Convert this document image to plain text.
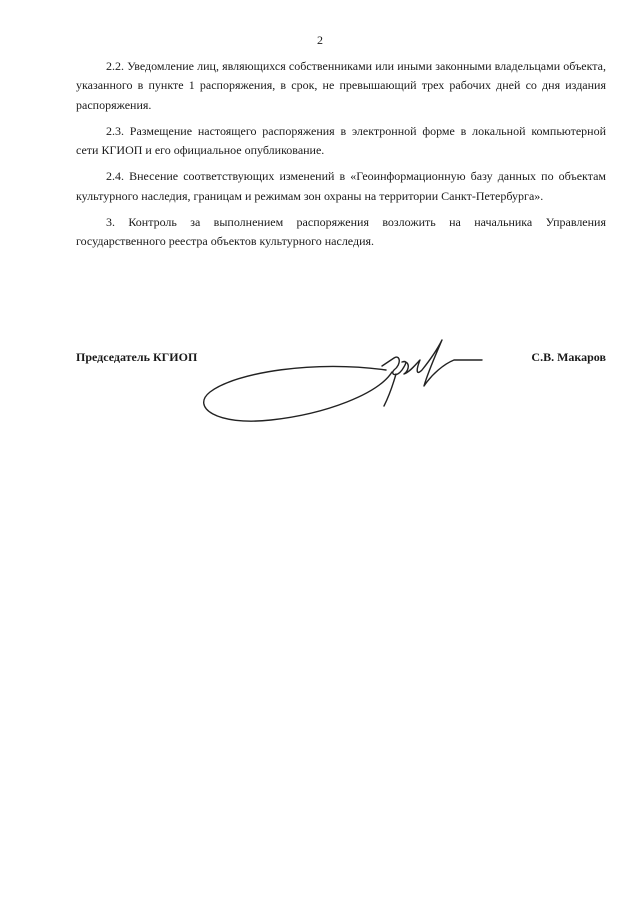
2

2.2. Уведомление лиц, являющихся собственниками или иными законными владельцами объекта, указанного в пункте 1 распоряжения, в срок, не превышающий трех рабочих дней со дня издания распоряжения.

2.3. Размещение настоящего распоряжения в электронной форме в локальной компьютерной сети КГИОП и его официальное опубликование.

2.4. Внесение соответствующих изменений в «Геоинформационную базу данных по объектам культурного наследия, границам и режимам зон охраны на территории Санкт-Петербурга».

3. Контроль за выполнением распоряжения возложить на начальника Управления государственного реестра объектов культурного наследия.

Председатель КГИОП	С.В. Макаров
